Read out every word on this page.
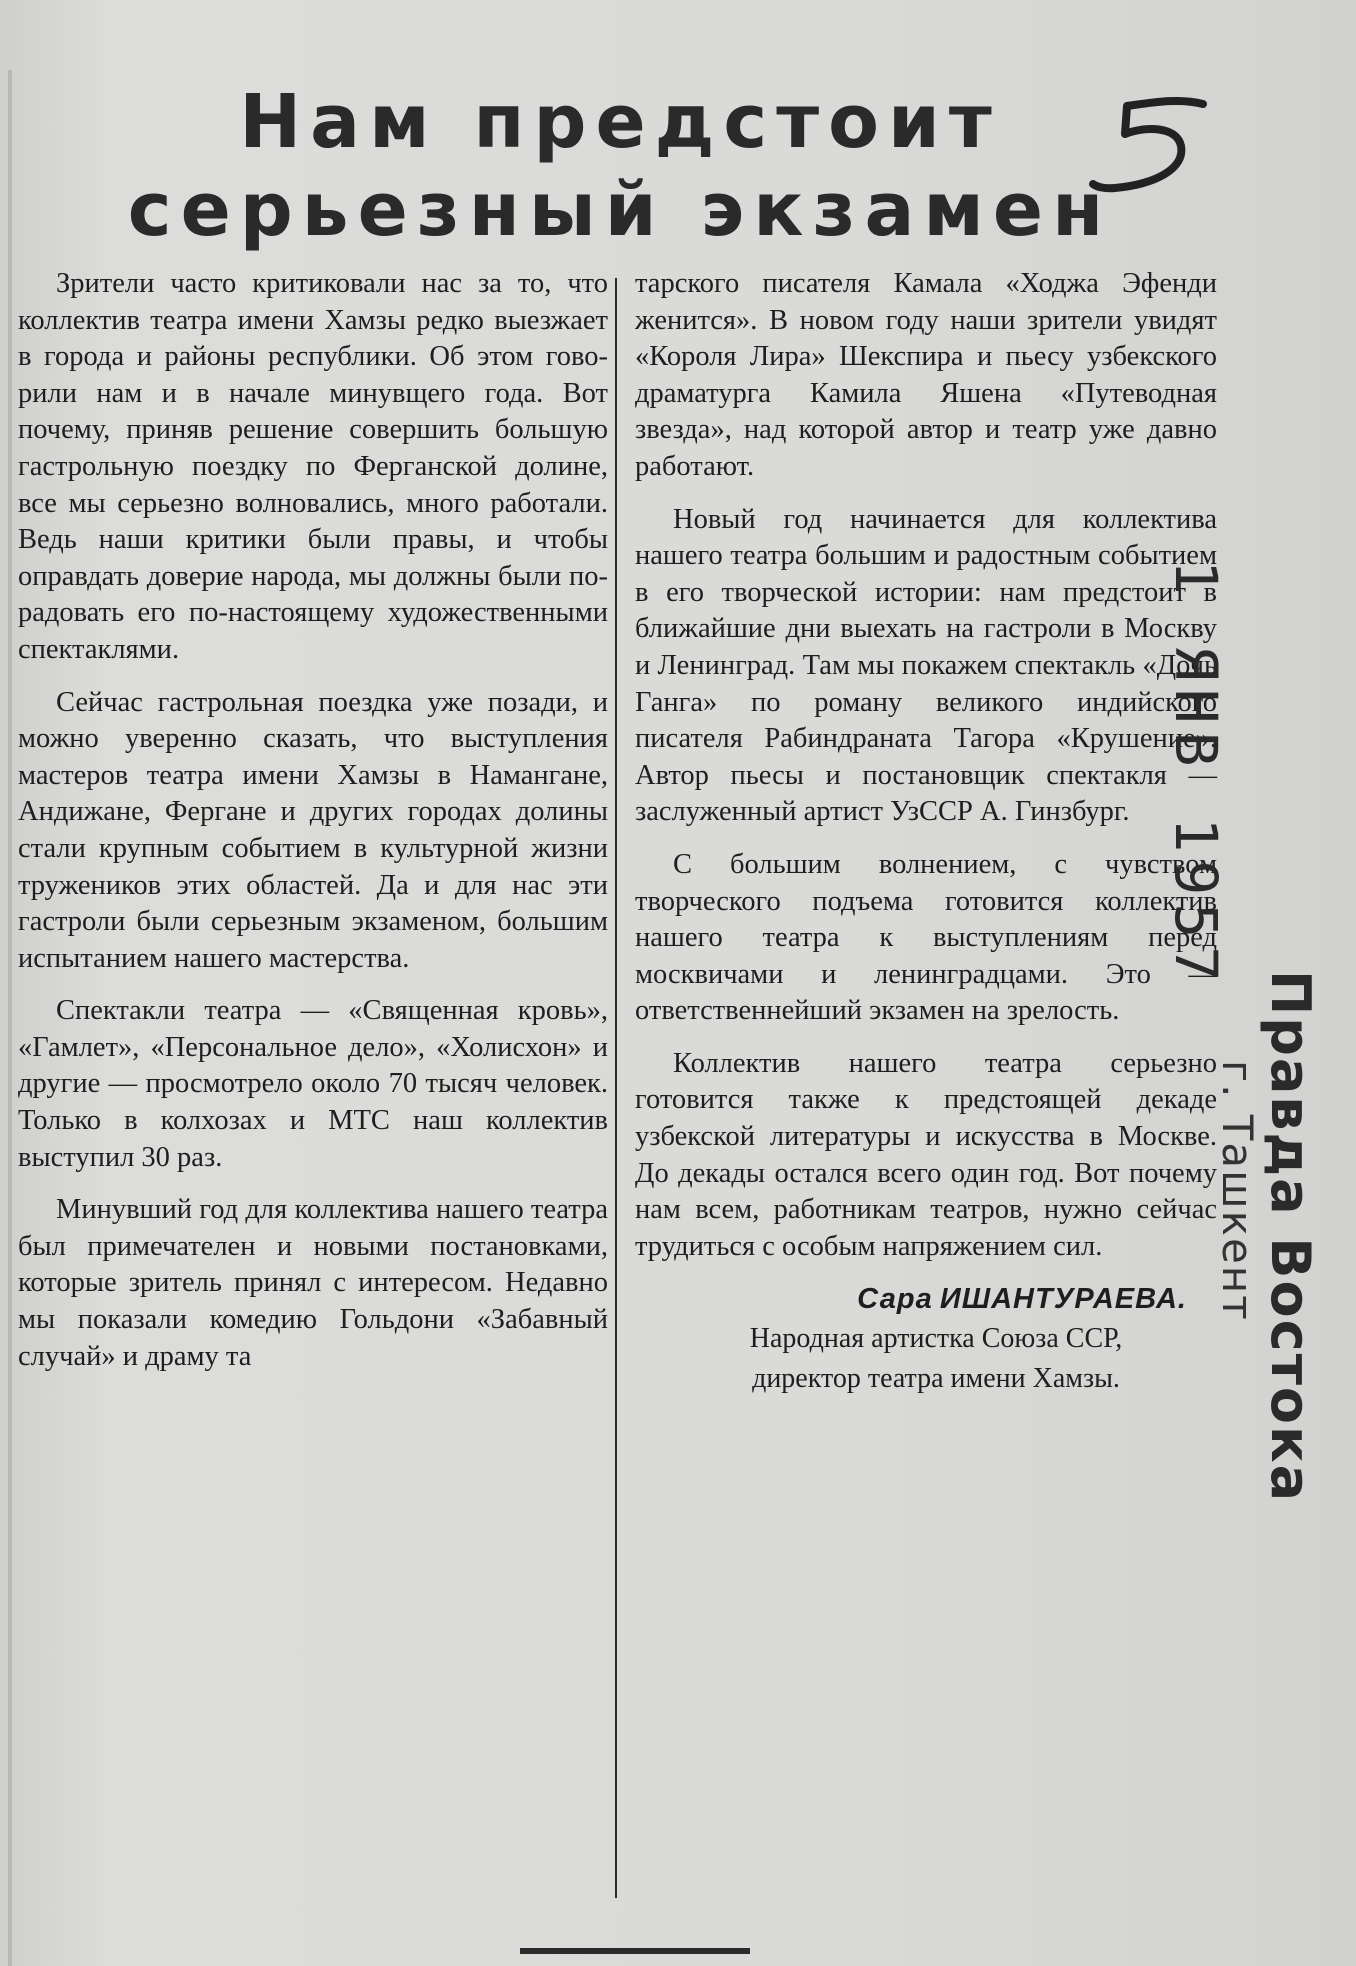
Нам предстоит
серьезный экзамен

Зрители часто критиковали нас за то, что коллектив театра имени Хамзы редко выезжает в города и районы республики. Об этом говорили нам и в начале минувщего года. Вот почему, приняв решение совершить большую гастрольную поездку по Ферганской долине, все мы серьезно волновались, много работали. Ведь наши критики были правы, и чтобы оправдать доверие народа, мы должны были порадовать его по-настоящему художественными спектаклями.

Сейчас гастрольная поездка уже позади, и можно уверенно сказать, что выступления мастеров театра имени Хамзы в Намангане, Андижане, Фергане и других городах долины стали крупным событием в культурной жизни тружеников этих областей. Да и для нас эти гастроли были серьезным экзаменом, большим испытанием нашего мастерства.

Спектакли театра — «Священная кровь», «Гамлет», «Персональное дело», «Холисхон» и другие — просмотрело около 70 тысяч человек. Только в колхозах и МТС наш коллектив выступил 30 раз.

Минувший год для коллектива нашего театра был примечателен и новыми постановками, которые зритель принял с интересом. Недавно мы показали комедию Гольдони «Забавный случай» и драму та

тарского писателя Камала «Ходжа Эфенди женится». В новом году наши зрители увидят «Короля Лира» Шекспира и пьесу узбекского драматурга Камила Яшена «Путеводная звезда», над которой автор и театр уже давно работают.

Новый год начинается для коллектива нашего театра большим и радостным событием в его творческой истории: нам предстоит в ближайшие дни выехать на гастроли в Москву и Ленинград. Там мы покажем спектакль «Дочь Ганга» по роману великого индийского писателя Рабиндраната Тагора «Крушение». Автор пьесы и постановщик спектакля — заслуженный артист УзССР А. Гинзбург.

С большим волнением, с чувством творческого подъема готовится коллектив нашего театра к выступлениям перед москвичами и ленинградцами. Это — ответственнейший экзамен на зрелость.

Коллектив нашего театра серьезно готовится также к предстоящей декаде узбекской литературы и искусства в Москве. До декады остался всего один год. Вот почему нам всем, работникам театров, нужно сейчас трудиться с особым напряжением сил.

Сара ИШАНТУРАЕВА.
Народная артистка Союза ССР,
директор театра имени Хамзы.
1 ЯНВ 1957
Правда Востока
г. Ташкент
